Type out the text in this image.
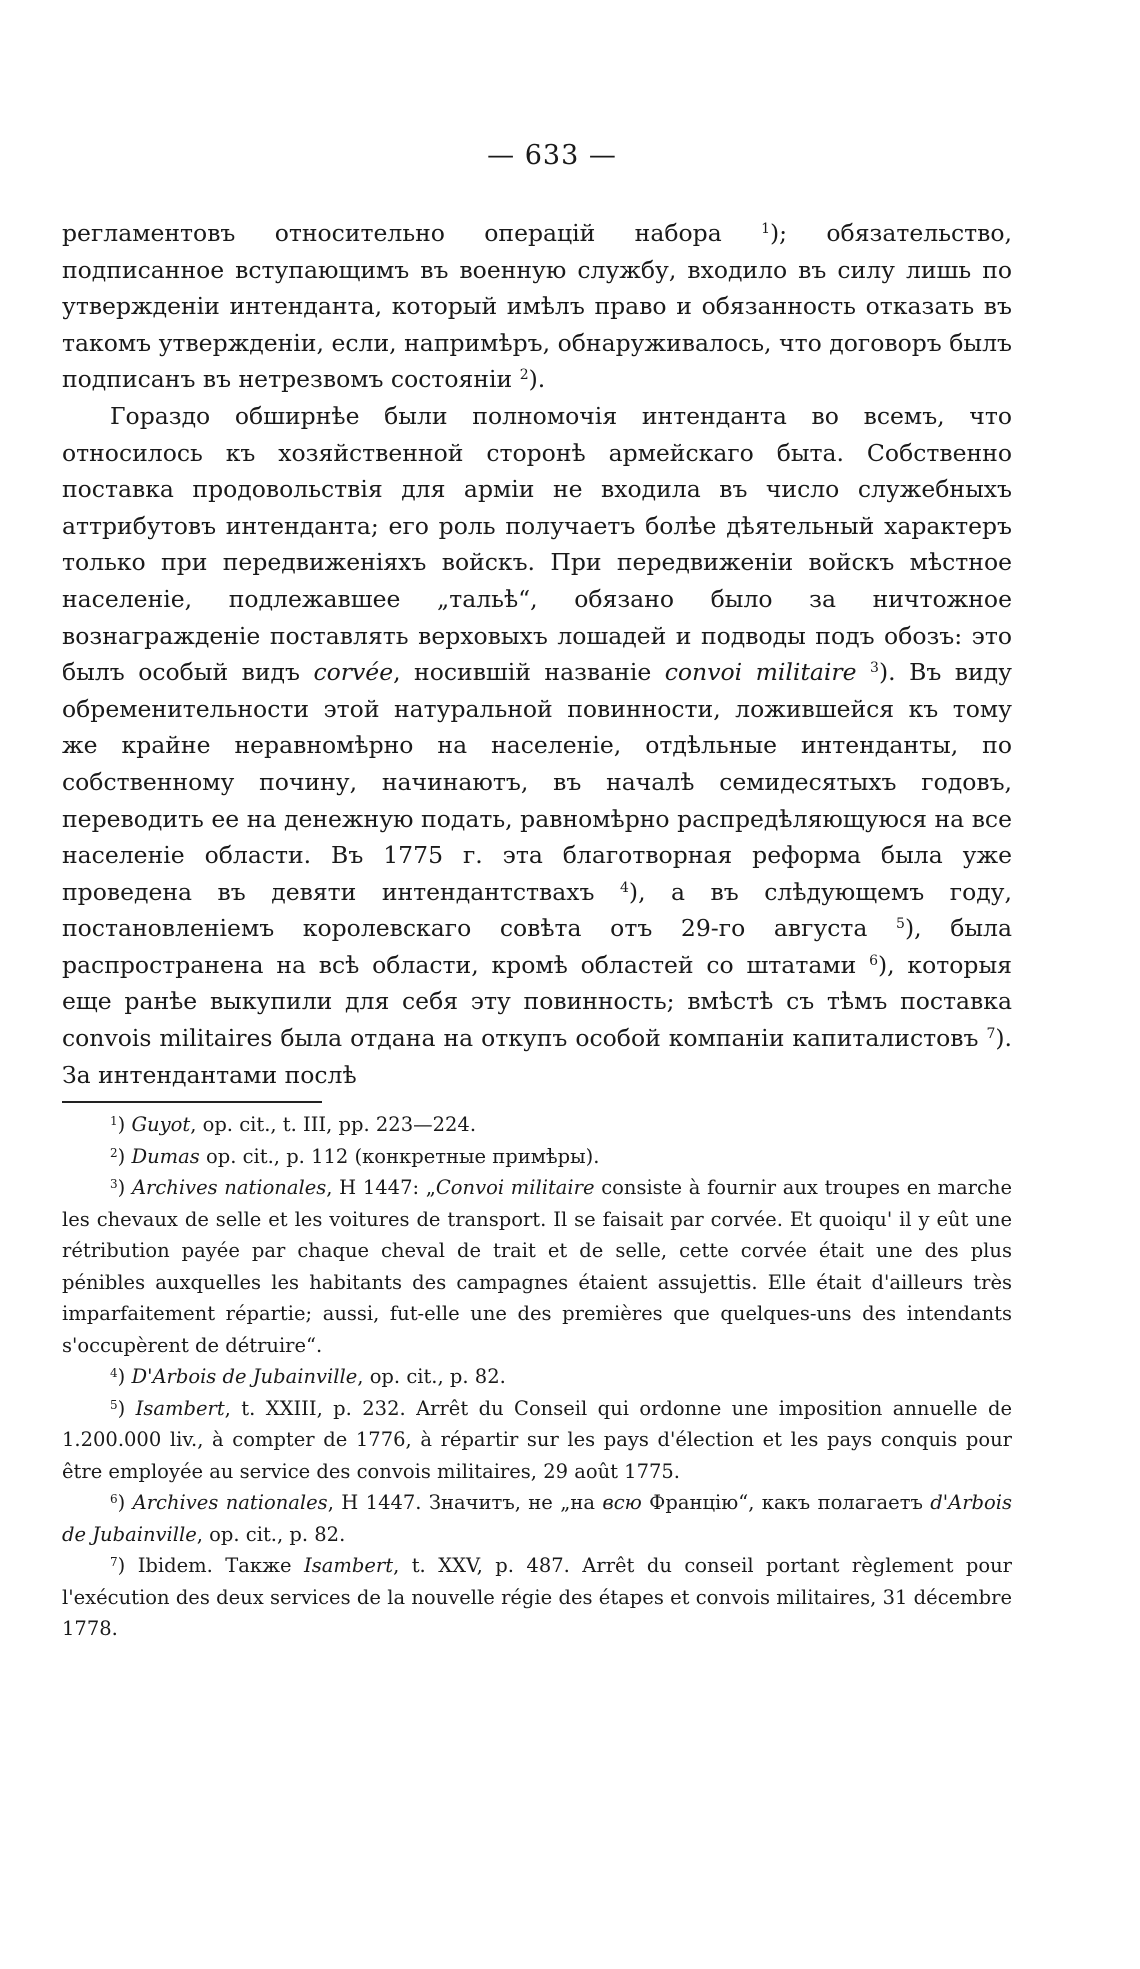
— 633 —

регламентовъ относительно операцій набора $^1$); обязательство, подписанное вступающимъ въ военную службу, входило въ силу лишь по утвержденіи интенданта, который имѣлъ право и обязанность отказать въ такомъ утвержденіи, если, напримѣръ, обнаруживалось, что договоръ былъ подписанъ въ нетрезвомъ состояніи $^2$).

Гораздо обширнѣе были полномочія интенданта во всемъ, что относилось къ хозяйственной сторонѣ армейскаго быта. Собственно поставка продовольствія для арміи не входила въ число служебныхъ аттрибутовъ интенданта; его роль получаетъ болѣе дѣятельный характеръ только при передвиженіяхъ войскъ. При передвиженіи войскъ мѣстное населеніе, подлежавшее „тальѣ“, обязано было за ничтожное вознагражденіе поставлять верховыхъ лошадей и подводы подъ обозъ: это былъ особый видъ corvée, носившій названіе convoi militaire $^3$). Въ виду обременительности этой натуральной повинности, ложившейся къ тому же крайне неравномѣрно на населеніе, отдѣльные интенданты, по собственному почину, начинаютъ, въ началѣ семидесятыхъ годовъ, переводить ее на денежную подать, равномѣрно распредѣляющуюся на все населеніе области. Въ 1775 г. эта благотворная реформа была уже проведена въ девяти интендантствахъ $^4$), а въ слѣдующемъ году, постановленіемъ королевскаго совѣта отъ 29-го августа $^5$), была распространена на всѣ области, кромѣ областей со штатами $^6$), которыя еще ранѣе выкупили для себя эту повинность; вмѣстѣ съ тѣмъ поставка convois militaires была отдана на откупъ особой компаніи капиталистовъ $^7$). За интендантами послѣ

$^1$) Guyot, op. cit., t. III, pp. 223—224.

$^2$) Dumas op. cit., p. 112 (конкретные примѣры).

$^3$) Archives nationales, H 1447: „Convoi militaire consiste à fournir aux troupes en marche les chevaux de selle et les voitures de transport. Il se faisait par corvée. Et quoiqu' il y eût une rétribution payée par chaque cheval de trait et de selle, cette corvée était une des plus pénibles auxquelles les habitants des campagnes étaient assujettis. Elle était d'ailleurs très imparfaitement répartie; aussi, fut-elle une des premières que quelques-uns des intendants s'occupèrent de détruire“.

$^4$) D'Arbois de Jubainville, op. cit., p. 82.

$^5$) Isambert, t. XXIII, p. 232. Arrêt du Conseil qui ordonne une imposition annuelle de 1.200.000 liv., à compter de 1776, à répartir sur les pays d'élection et les pays conquis pour être employée au service des convois militaires, 29 août 1775.

$^6$) Archives nationales, H 1447. Значитъ, не „на всю Францію“, какъ полагаетъ d'Arbois de Jubainville, op. cit., p. 82.

$^7$) Ibidem. Также Isambert, t. XXV, p. 487. Arrêt du conseil portant règlement pour l'exécution des deux services de la nouvelle régie des étapes et convois militaires, 31 décembre 1778.
